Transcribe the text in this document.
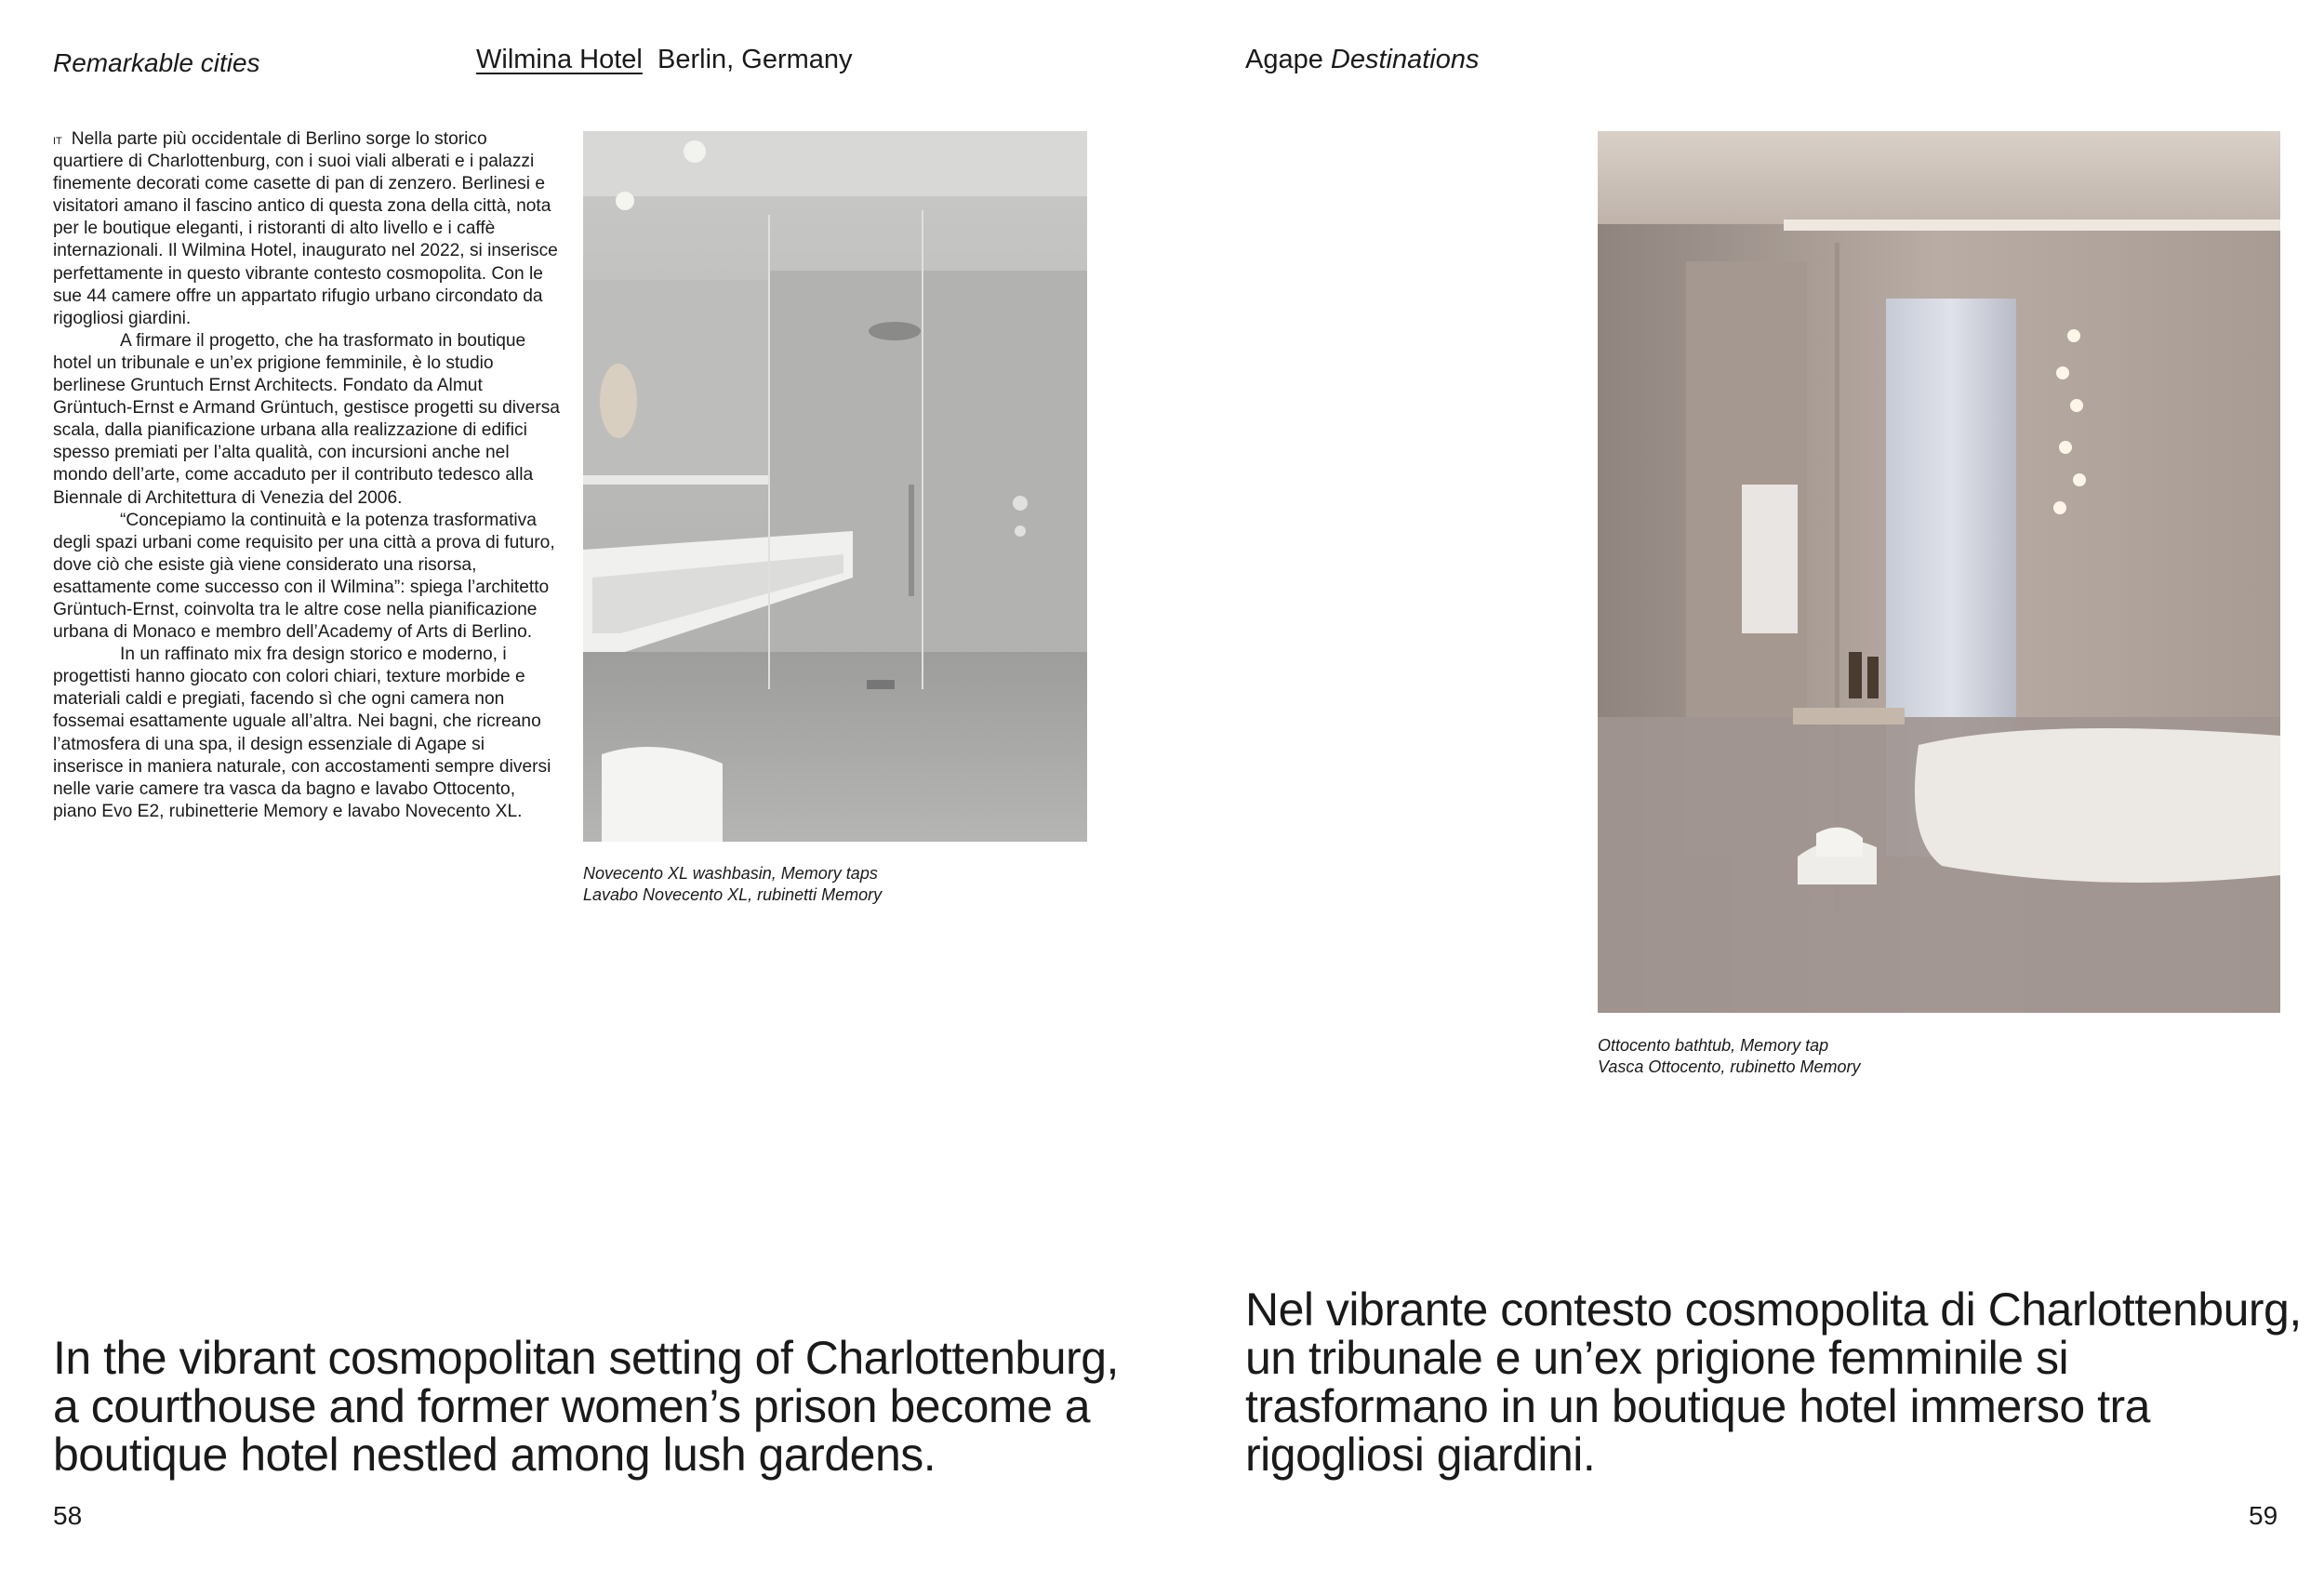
Remarkable cities	Wilmina Hotel Berlin, Germany	Agape Destinations

$^{IT}$ Nella parte più occidentale di Berlino sorge lo storico quartiere di Charlottenburg, con i suoi viali alberati e i palazzi finemente decorati come casette di pan di zenzero. Berlinesi e visitatori amano il fascino antico di questa zona della città, nota per le boutique eleganti, i ristoranti di alto livello e i caffè internazionali. Il Wilmina Hotel, inaugurato nel 2022, si inserisce perfettamente in questo vibrante contesto cosmopolita. Con le sue 44 camere offre un appartato rifugio urbano circondato da rigogliosi giardini.

A firmare il progetto, che ha trasformato in boutique hotel un tribunale e un’ex prigione femminile, è lo studio berlinese Gruntuch Ernst Architects. Fondato da Almut Grüntuch-Ernst e Armand Grüntuch, gestisce progetti su diversa scala, dalla pianificazione urbana alla realizzazione di edifici spesso premiati per l’alta qualità, con incursioni anche nel mondo dell’arte, come accaduto per il contributo tedesco alla Biennale di Architettura di Venezia del 2006.

“Concepiamo la continuità e la potenza trasformativa degli spazi urbani come requisito per una città a prova di futuro, dove ciò che esiste già viene considerato una risorsa, esattamente come successo con il Wilmina”: spiega l’architetto Grüntuch-Ernst, coinvolta tra le altre cose nella pianificazione urbana di Monaco e membro dell’Academy of Arts di Berlino.

In un raffinato mix fra design storico e moderno, i progettisti hanno giocato con colori chiari, texture morbide e materiali caldi e pregiati, facendo sì che ogni camera non fossemai esattamente uguale all’altra. Nei bagni, che ricreano l’atmosfera di una spa, il design essenziale di Agape si inserisce in maniera naturale, con accostamenti sempre diversi nelle varie camere tra vasca da bagno e lavabo Ottocento, piano Evo E2, rubinetterie Memory e lavabo Novecento XL.

Novecento XL washbasin, Memory taps
Lavabo Novecento XL, rubinetti Memory
Ottocento bathtub, Memory tap
Vasca Ottocento, rubinetto Memory
In the vibrant cosmopolitan setting of Charlottenburg,
a courthouse and former women’s prison become a
boutique hotel nestled among lush gardens.
Nel vibrante contesto cosmopolita di Charlottenburg,
un tribunale e un’ex prigione femminile si
trasformano in un boutique hotel immerso tra
rigogliosi giardini.
58	59
